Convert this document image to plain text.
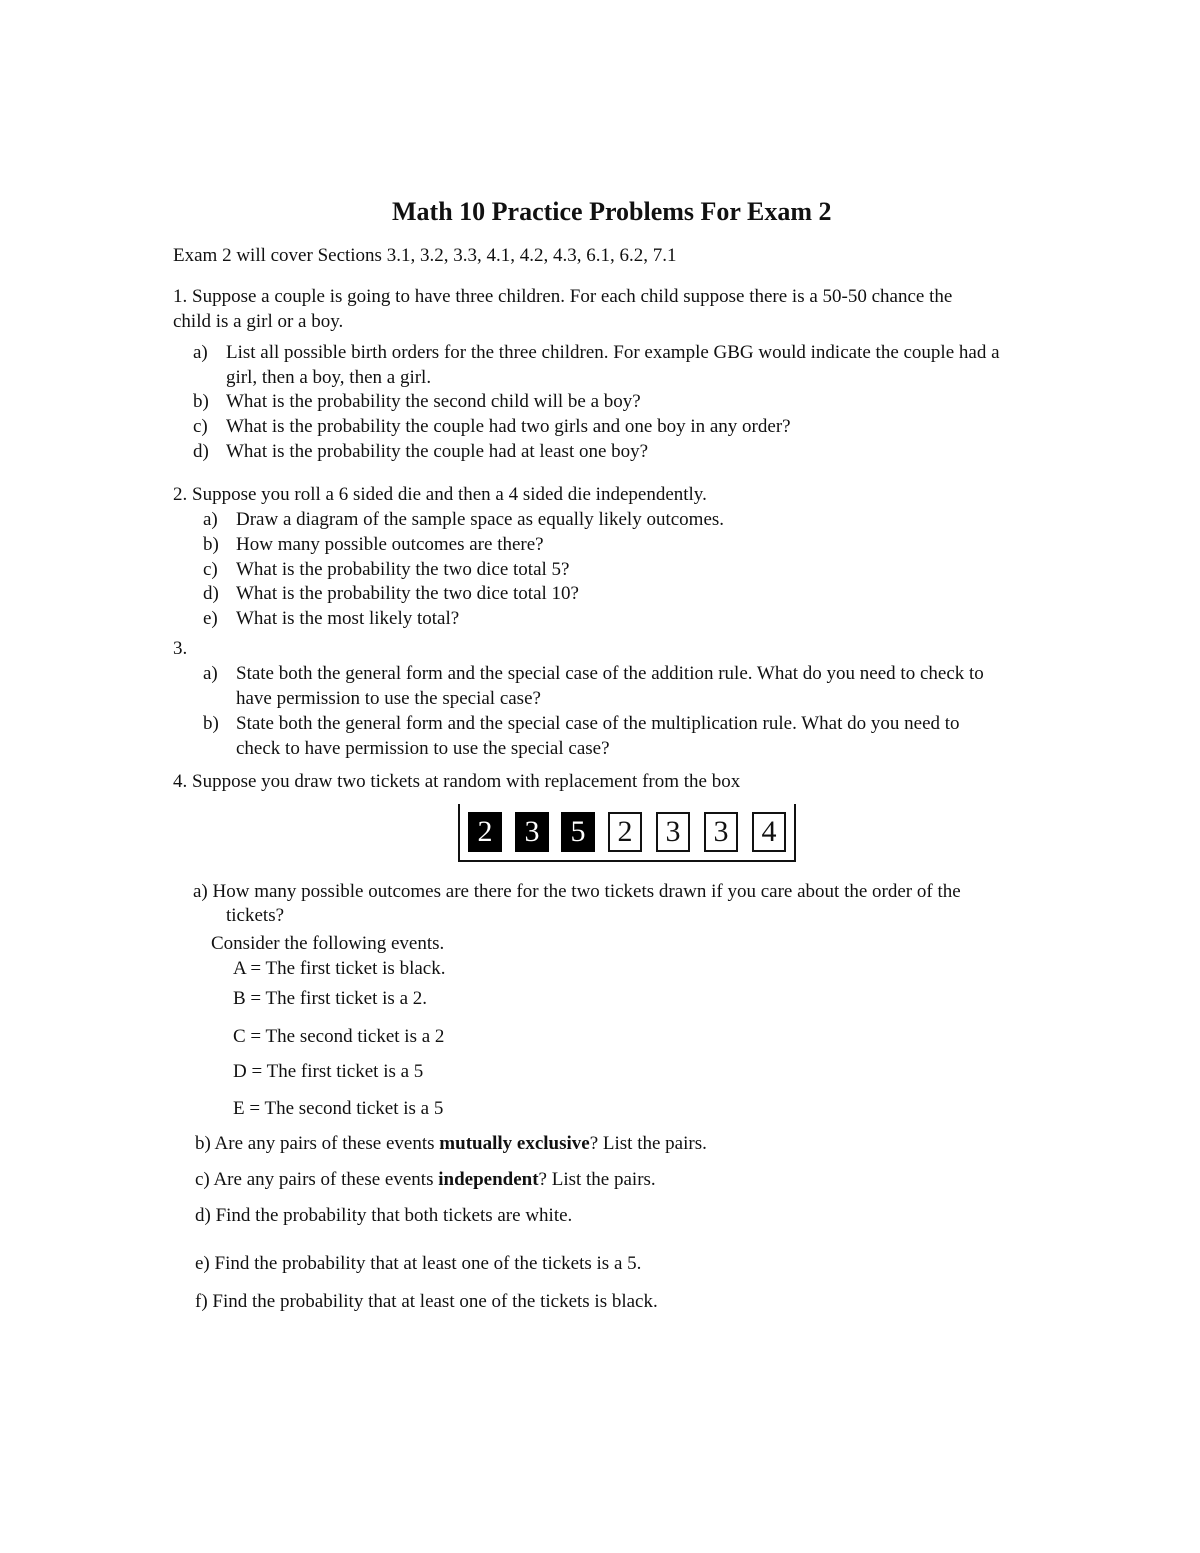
Math 10 Practice Problems For Exam 2
Exam 2 will cover Sections 3.1, 3.2, 3.3, 4.1, 4.2, 4.3, 6.1, 6.2, 7.1
1. Suppose a couple is going to have three children. For each child suppose there is a 50-50 chance the
child is a girl or a boy.
a) List all possible birth orders for the three children. For example GBG would indicate the couple had a
girl, then a boy, then a girl.
b) What is the probability the second child will be a boy?
c) What is the probability the couple had two girls and one boy in any order?
d) What is the probability the couple had at least one boy?
2. Suppose you roll a 6 sided die and then a 4 sided die independently.
a) Draw a diagram of the sample space as equally likely outcomes.
b) How many possible outcomes are there?
c) What is the probability the two dice total 5?
d) What is the probability the two dice total 10?
e) What is the most likely total?
3.
a) State both the general form and the special case of the addition rule. What do you need to check to
have permission to use the special case?
b) State both the general form and the special case of the multiplication rule. What do you need to
check to have permission to use the special case?
4. Suppose you draw two tickets at random with replacement from the box
2	3	5	2	3	3	4
a) How many possible outcomes are there for the two tickets drawn if you care about the order of the
tickets?
Consider the following events.
A = The first ticket is black.
B = The first ticket is a 2.
C = The second ticket is a 2
D = The first ticket is a 5
E = The second ticket is a 5
b) Are any pairs of these events mutually exclusive? List the pairs.
c) Are any pairs of these events independent? List the pairs.
d) Find the probability that both tickets are white.
e) Find the probability that at least one of the tickets is a 5.
f) Find the probability that at least one of the tickets is black.
